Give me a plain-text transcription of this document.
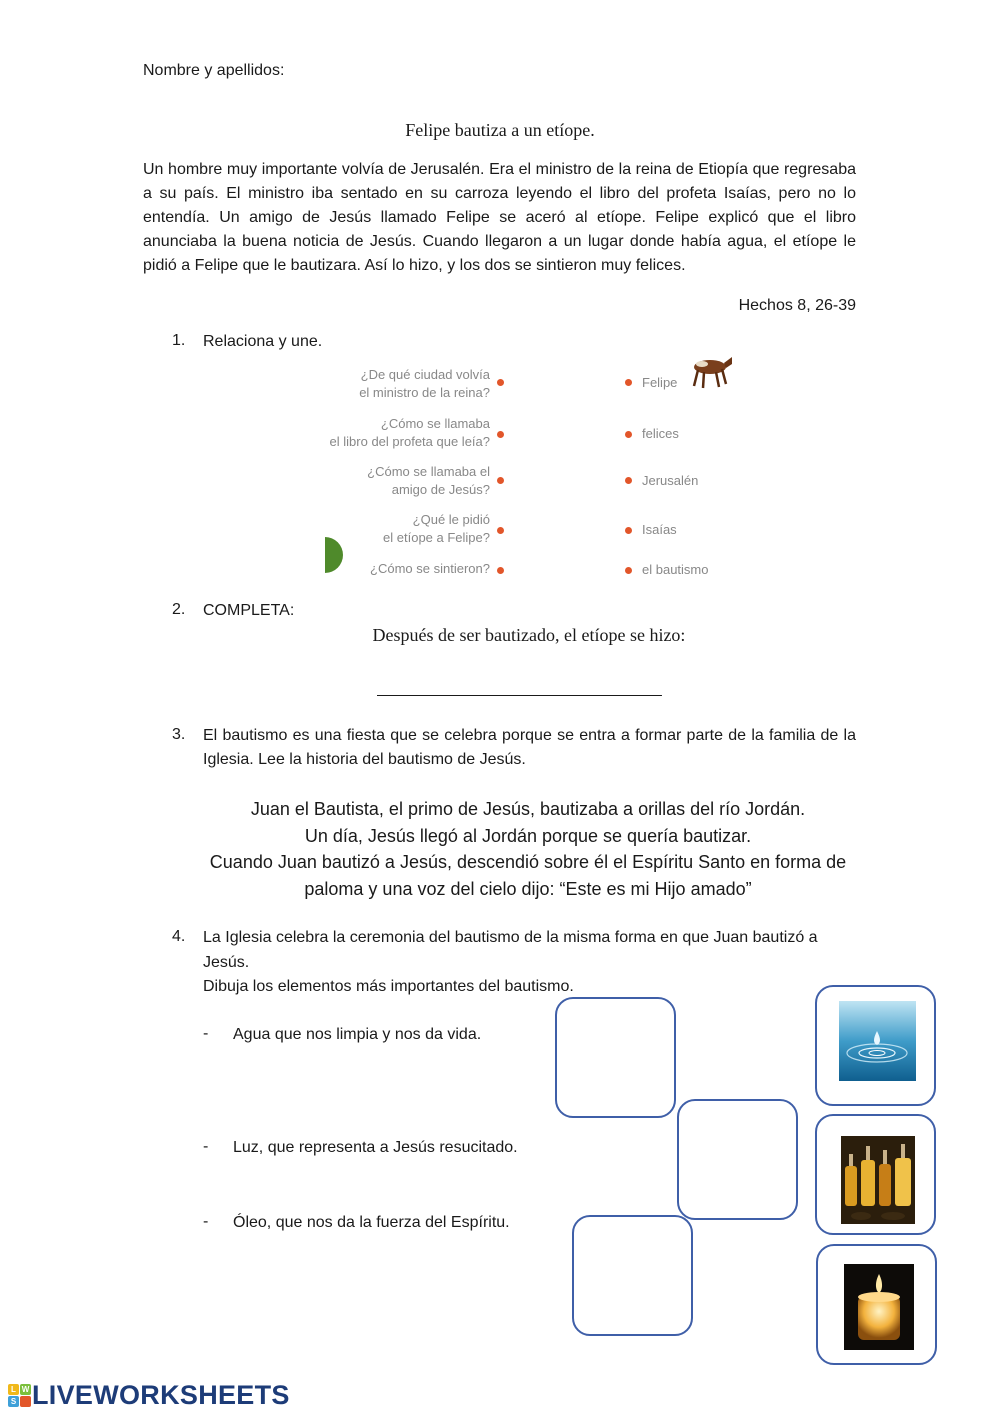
Nombre y apellidos:
Felipe bautiza a un etíope.
Un hombre muy importante volvía de Jerusalén. Era el ministro de la reina de Etiopía que regresaba a su país. El ministro iba sentado en su carroza leyendo el libro del profeta Isaías, pero no lo entendía. Un amigo de Jesús llamado Felipe se aceró al etíope. Felipe explicó que el libro anunciaba la buena noticia de Jesús. Cuando llegaron a un lugar donde había agua, el etíope le pidió a Felipe que le bautizara. Así lo hizo, y los dos se sintieron muy felices.
Hechos 8, 26-39
1. Relaciona y une.
¿De qué ciudad volvía
el ministro de la reina?
¿Cómo se llamaba
el libro del profeta que leía?
¿Cómo se llamaba el
amigo de Jesús?
¿Qué le pidió
el etíope a Felipe?
¿Cómo se sintieron?
Felipe
felices
Jerusalén
Isaías
el bautismo
2. COMPLETA:
Después de ser bautizado, el etíope se hizo:
________________________________
3. El bautismo es una fiesta que se celebra porque se entra a formar parte de la familia de la Iglesia. Lee la historia del bautismo de Jesús.
Juan el Bautista, el primo de Jesús, bautizaba a orillas del río Jordán.
Un día, Jesús llegó al Jordán porque se quería bautizar.
Cuando Juan bautizó a Jesús, descendió sobre él el Espíritu Santo en forma de
paloma y una voz del cielo dijo: “Este es mi Hijo amado”
4. La Iglesia celebra la ceremonia del bautismo de la misma forma en que Juan bautizó a
Jesús.
Dibuja los elementos más importantes del bautismo.
- Agua que nos limpia y nos da vida.
- Luz, que representa a Jesús resucitado.
- Óleo, que nos da la fuerza del Espíritu.
L W
S LIVEWORKSHEETS
